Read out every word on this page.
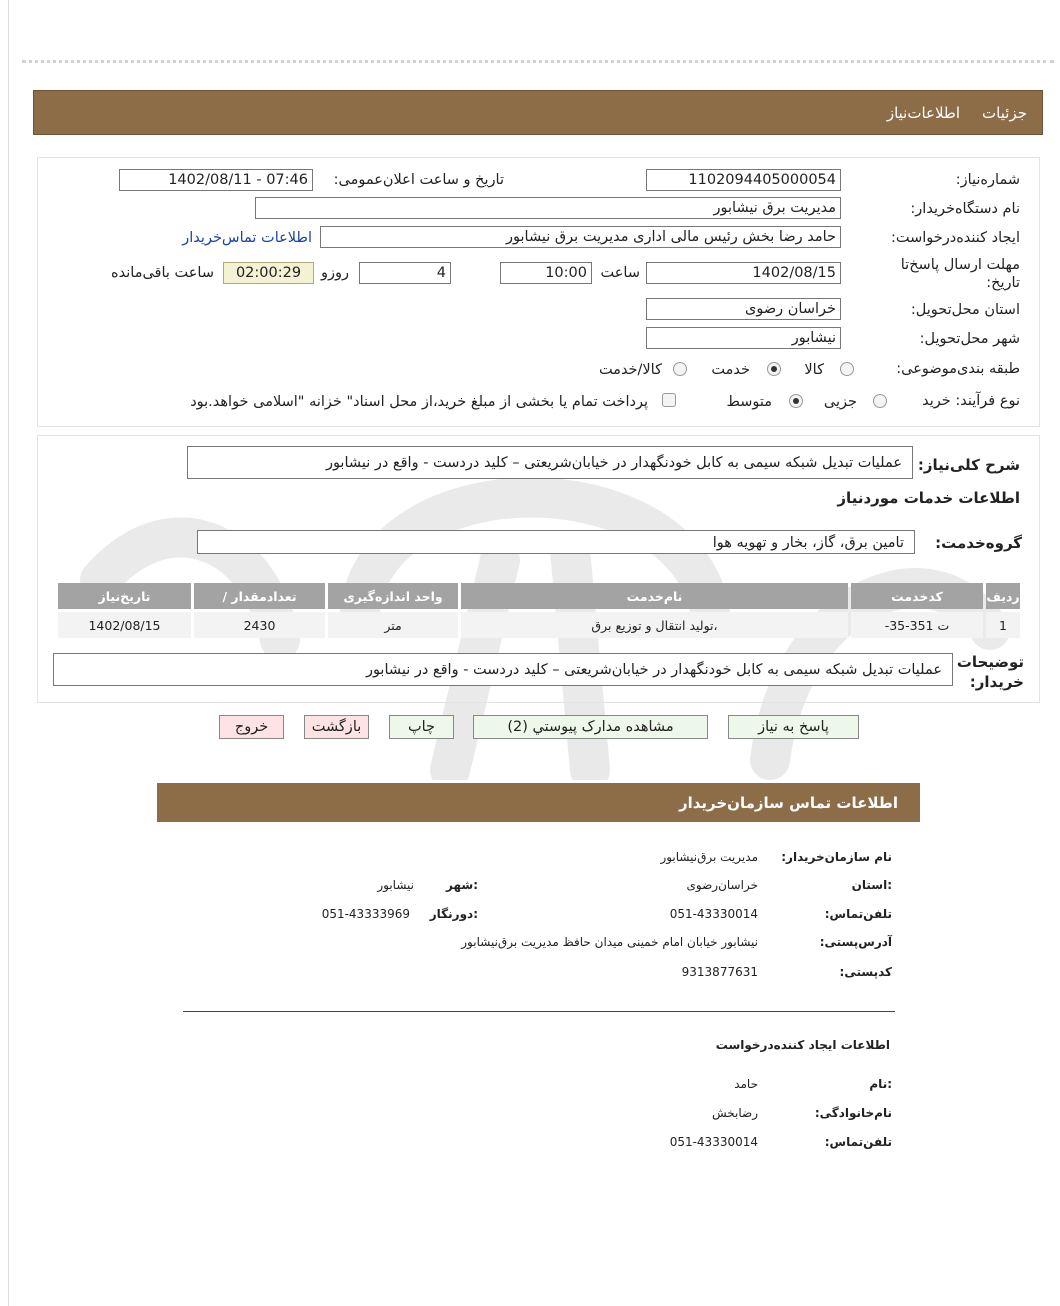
جزئیات
اطلاعات‌نیاز
شماره‌نیاز:
1102094405000054
تاریخ و ساعت اعلان‌عمومی:
1402/08/11 - 07:46
نام دستگاه‌خریدار:
مدیریت برق نیشابور
ایجاد کننده‌درخواست:
حامد رضا بخش رئیس مالی اداری مدیریت برق نیشابور
اطلاعات تماس‌خریدار
مهلت ارسال پاسخ‌تا تاریخ:
1402/08/15
ساعت
10:00
4
روزو
02:00:29
ساعت باقی‌مانده
استان محل‌تحویل:
خراسان رضوی
شهر محل‌تحویل:
نیشابور
طبقه بندی‌موضوعی:
کالا
خدمت
کالا/خدمت
نوع فرآیند: خرید
جزیی
متوسط
پرداخت تمام یا بخشی از مبلغ خرید،از محل اسناد" خزانه "اسلامی خواهد.بود
شرح کلی‌نیاز:
عملیات تبدیل شبکه سیمی به کابل خودنگهدار در خیابان‌شریعتی – کلید دردست - واقع در نیشابور
اطلاعات خدمات موردنیاز
گروه‌خدمت:
تامین برق، گاز، بخار و تهویه هوا
ردیف	کدخدمت	نام‌خدمت	واحد اندازه‌گیری	تعدادمقدار /	تاریخ‌نیاز
1	ت 351-35-	،تولید انتقال و توزیع برق	متر	2430	1402/08/15
توضیحات خریدار:
عملیات تبدیل شبکه سیمی به کابل خودنگهدار در خیابان‌شریعتی – کلید دردست - واقع در نیشابور
پاسخ به نیاز
مشاهده مدارک پیوستي (2)
چاپ
بازگشت
خروج
اطلاعات تماس سازمان‌خریدار
نام سازمان‌خریدار:
مدیریت برق‌نیشابور
:استان
خراسان‌رضوی
:شهر
نیشابور
تلفن‌تماس:
051-43330014
:دورنگار
051-43333969
آدرس‌پستی:
نیشابور خیابان امام خمینی میدان حافظ مدیریت برق‌نیشابور
کدپستی:
9313877631
اطلاعات ایجاد کننده‌درخواست
:نام
حامد
نام‌خانوادگی:
رضابخش
تلفن‌تماس:
051-43330014
